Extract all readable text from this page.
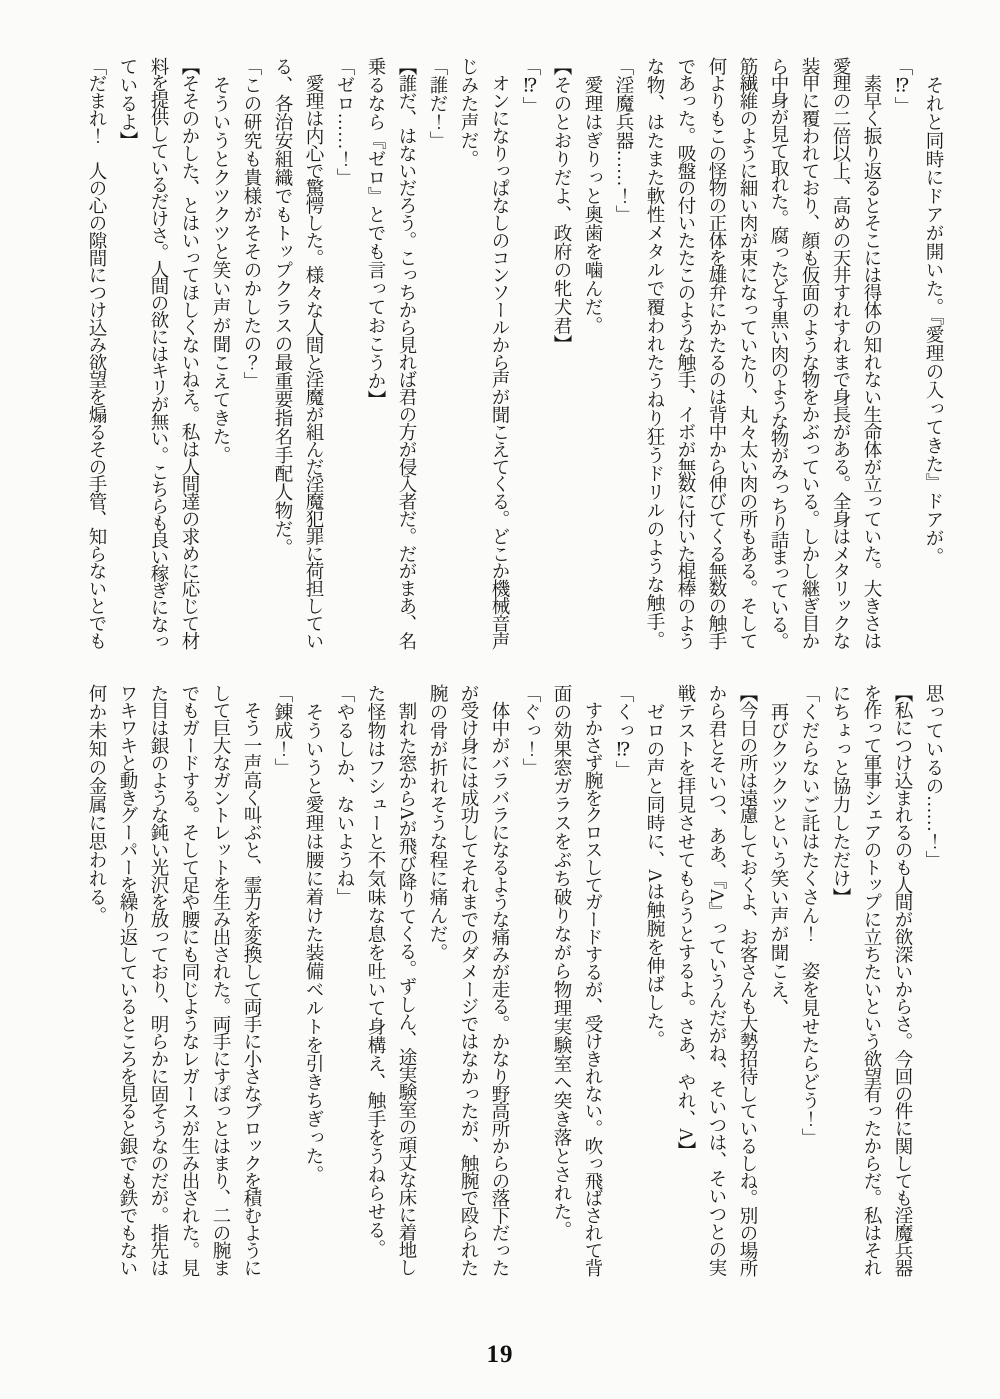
　それと同時にドアが開いた。『愛理の入ってきた』ドアが。

「⁉」

　素早く振り返るとそこには得体の知れない生命体が立っていた。大きさは

愛理の二倍以上、高めの天井すれすれまで身長がある。全身はメタリックな

装甲に覆われており、顔も仮面のような物をかぶっている。しかし継ぎ目か

ら中身が見て取れた。腐ったどす黒い肉のような物がみっちり詰まっている。

筋繊維のように細い肉が束になっていたり、丸々太い肉の所もある。そして

何よりもこの怪物の正体を雄弁にかたるのは背中から伸びてくる無数の触手

であった。吸盤の付いたたこのような触手、イボが無数に付いた棍棒のよう

な物、はたまた軟性メタルで覆われたうねり狂うドリルのような触手。

「淫魔兵器……！」

　愛理はぎりっと奥歯を噛んだ。

【そのとおりだよ、政府の牝犬君】

「⁉」

　オンになりっぱなしのコンソールから声が聞こえてくる。どこか機械音声

じみた声だ。

「誰だ！」

【誰だ、はないだろう。こっちから見れば君の方が侵入者だ。だがまあ、名

乗るなら『ゼロ』とでも言っておこうか】

「ゼロ……！」

　愛理は内心で驚愕した。様々な人間と淫魔が組んだ淫魔犯罪に荷担してい

る、各治安組織でもトップクラスの最重要指名手配人物だ。

「この研究も貴様がそそのかしたの？」

　そういうとクツクツと笑い声が聞こえてきた。

【そそのかした、とはいってほしくないねえ。私は人間達の求めに応じて材

料を提供しているだけさ。人間の欲にはキリが無い。こちらも良い稼ぎになっ

ているよ】

「だまれ！　人の心の隙間につけ込み欲望を煽るその手管、知らないとでも

思っているの……！」

【私につけ込まれるのも人間が欲深いからさ。今回の件に関しても淫魔兵器

を作って軍事シェアのトップに立ちたいという欲望有ったからだ。私はそれ

にちょっと協力しただけ】

「くだらないご託はたくさん！　姿を見せたらどう！」

　再びクツクツという笑い声が聞こえ、

【今日の所は遠慮しておくよ、お客さんも大勢招待しているしね。別の場所

から君とそいつ、ああ、『Λ』っていうんだがね、そいつは、そいつとの実

戦テストを拝見させてもらうとするよ。さあ、やれ、Λ】

　ゼロの声と同時に、Λは触腕を伸ばした。

「くっ⁉」

　すかさず腕をクロスしてガードするが、受けきれない。吹っ飛ばされて背

面の効果窓ガラスをぶち破りながら物理実験室へ突き落とされた。

「ぐっ！」

　体中がバラバラになるような痛みが走る。かなり野高所からの落下だった

が受け身には成功してそれまでのダメージではなかったが、触腕で殴られた

腕の骨が折れそうな程に痛んだ。

　割れた窓からΛが飛び降りてくる。ずしん、途実験室の頑丈な床に着地し

た怪物はフシューと不気味な息を吐いて身構え、触手をうねらせる。

「やるしか、ないようね」

　そういうと愛理は腰に着けた装備ベルトを引きちぎった。

「錬成！」

　そう一声高く叫ぶと、霊力を変換して両手に小さなブロックを積むように

して巨大なガントレットを生み出された。両手にすぽっとはまり、二の腕ま

でもガードする。そして足や腰にも同じようなレガースが生み出された。見

た目は銀のような鈍い光沢を放っており、明らかに固そうなのだが。指先は

ワキワキと動きグーパーを繰り返しているところを見ると銀でも鉄でもない

何か未知の金属に思われる。

19
